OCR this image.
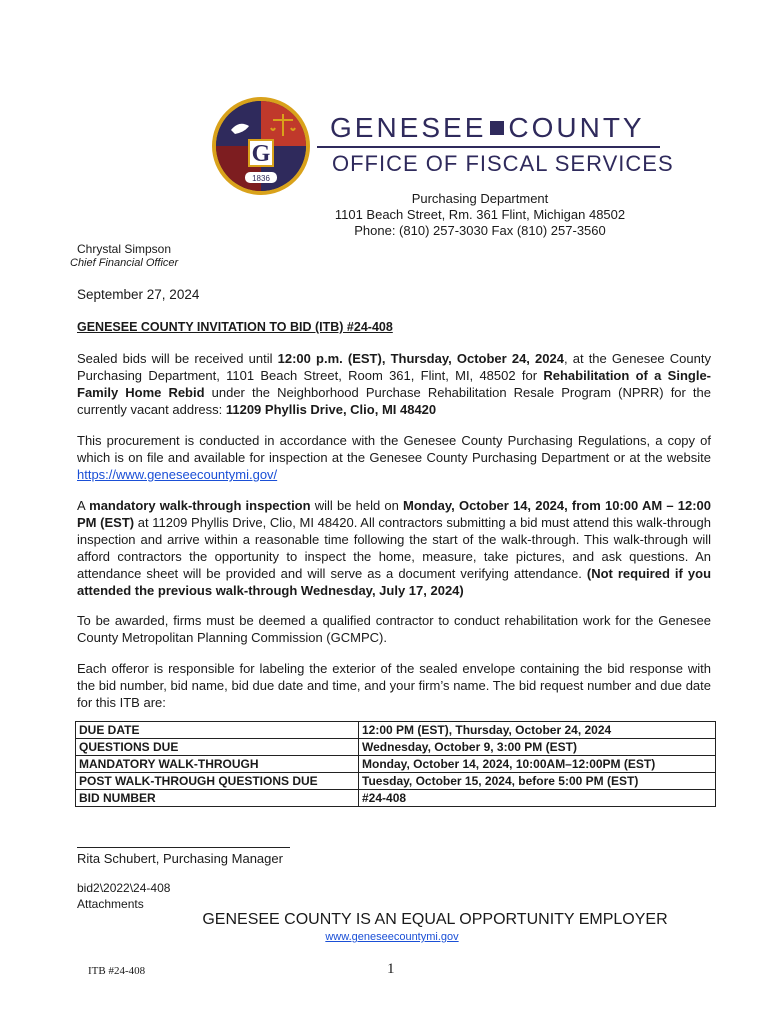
G
1836
GENESEE COUNTY
OFFICE OF FISCAL SERVICES
Purchasing Department
1101 Beach Street, Rm. 361 Flint, Michigan 48502
Phone: (810) 257-3030 Fax (810) 257-3560
Chrystal Simpson
Chief Financial Officer
September 27, 2024
GENESEE COUNTY INVITATION TO BID (ITB) #24-408
Sealed bids will be received until 12:00 p.m. (EST), Thursday, October 24, 2024, at the Genesee County Purchasing Department, 1101 Beach Street, Room 361, Flint, MI, 48502 for Rehabilitation of a Single-Family Home Rebid under the Neighborhood Purchase Rehabilitation Resale Program (NPRR) for the currently vacant address: 11209 Phyllis Drive, Clio, MI 48420
This procurement is conducted in accordance with the Genesee County Purchasing Regulations, a copy of which is on file and available for inspection at the Genesee County Purchasing Department or at the website https://www.geneseecountymi.gov/
A mandatory walk-through inspection will be held on Monday, October 14, 2024, from 10:00 AM – 12:00 PM (EST) at 11209 Phyllis Drive, Clio, MI 48420. All contractors submitting a bid must attend this walk-through inspection and arrive within a reasonable time following the start of the walk-through. This walk-through will afford contractors the opportunity to inspect the home, measure, take pictures, and ask questions. An attendance sheet will be provided and will serve as a document verifying attendance. (Not required if you attended the previous walk-through Wednesday, July 17, 2024)
To be awarded, firms must be deemed a qualified contractor to conduct rehabilitation work for the Genesee County Metropolitan Planning Commission (GCMPC).
Each offeror is responsible for labeling the exterior of the sealed envelope containing the bid response with the bid number, bid name, bid due date and time, and your firm’s name. The bid request number and due date for this ITB are:
DUE DATE	12:00 PM (EST), Thursday, October 24, 2024
QUESTIONS DUE	Wednesday, October 9, 3:00 PM (EST)
MANDATORY WALK-THROUGH	Monday, October 14, 2024, 10:00AM–12:00PM (EST)
POST WALK-THROUGH QUESTIONS DUE	Tuesday, October 15, 2024, before 5:00 PM (EST)
BID NUMBER	#24-408
Rita Schubert, Purchasing Manager
bid2\2022\24-408
Attachments
GENESEE COUNTY IS AN EQUAL OPPORTUNITY EMPLOYER
www.geneseecountymi.gov
ITB #24-408	1
